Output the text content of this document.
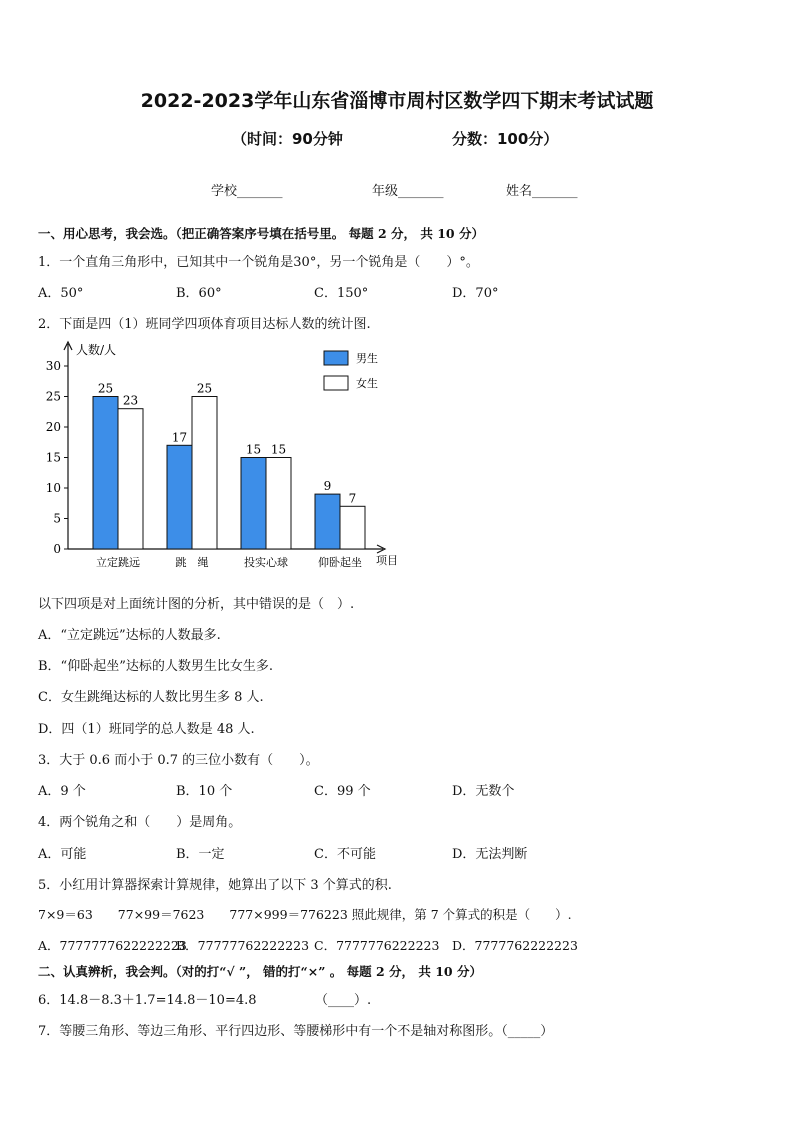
2022-2023学年山东省淄博市周村区数学四下期末考试试题
（时间：90分钟	分数：100分）
学校_______	年级_______	姓名_______
一、用心思考，我会选。（把正确答案序号填在括号里。 每题 2 分， 共 10 分）
1．一个直角三角形中，已知其中一个锐角是30°，另一个锐角是（　　）°。
A．50°	B．60°	C．150°	D．70°
2．下面是四（1）班同学四项体育项目达标人数的统计图.
人数/人
项目
0
5
10
15
20
25
30
25
23
立定跳远
17
25
跳　绳
15 15
投实心球
9
7
仰卧起坐
男生
女生
以下四项是对上面统计图的分析，其中错误的是（　）.
A．“立定跳远”达标的人数最多.
B．“仰卧起坐”达标的人数男生比女生多.
C．女生跳绳达标的人数比男生多 8 人.
D．四（1）班同学的总人数是 48 人.
3．大于 0.6 而小于 0.7 的三位小数有（　　）。
A．9 个	B．10 个	C．99 个	D．无数个
4．两个锐角之和（　　）是周角。
A．可能	B．一定	C．不可能	D．无法判断
5．小红用计算器探索计算规律，她算出了以下 3 个算式的积.
7×9＝63　　77×99＝7623　　777×999＝776223 照此规律，第 7 个算式的积是（　　）.
A．7777777622222223
B．77777762222223 C．7777776222223 D．7777762222223
二、认真辨析，我会判。（对的打“√ ”， 错的打“×” 。 每题 2 分， 共 10 分）
6．14.8－8.3＋1.7=14.8－10=4.8　　　　　（____）.
7．等腰三角形、等边三角形、平行四边形、等腰梯形中有一个不是轴对称图形。（_____）
